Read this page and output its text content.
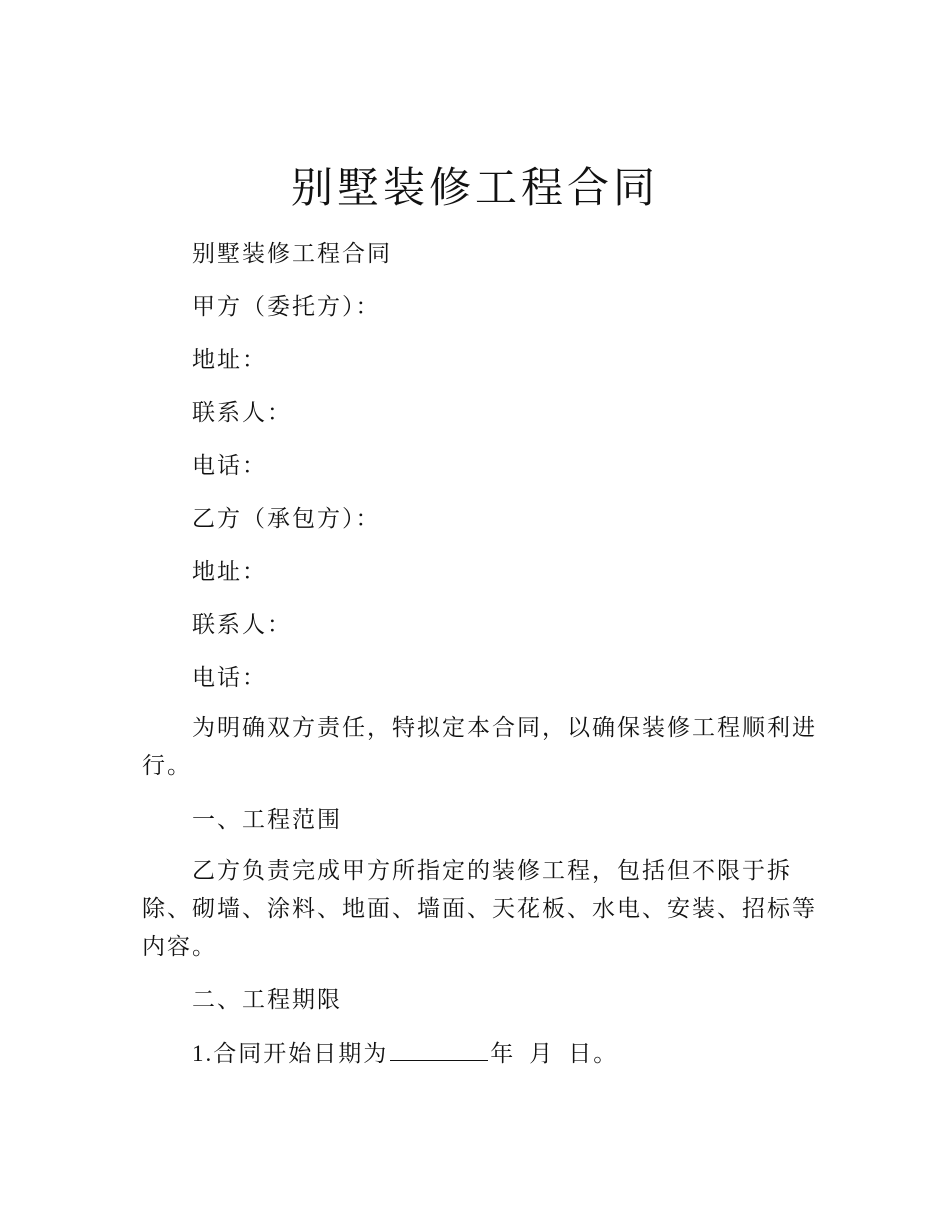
别墅装修工程合同

别墅装修工程合同

甲方（委托方）：

地址：

联系人：

电话：

乙方（承包方）：

地址：

联系人：

电话：

为明确双方责任，特拟定本合同，以确保装修工程顺利进行。

一、工程范围

乙方负责完成甲方所指定的装修工程，包括但不限于拆除、砌墙、涂料、地面、墙面、天花板、水电、安装、招标等内容。

二、工程期限

1.合同开始日期为	年 月 日。
